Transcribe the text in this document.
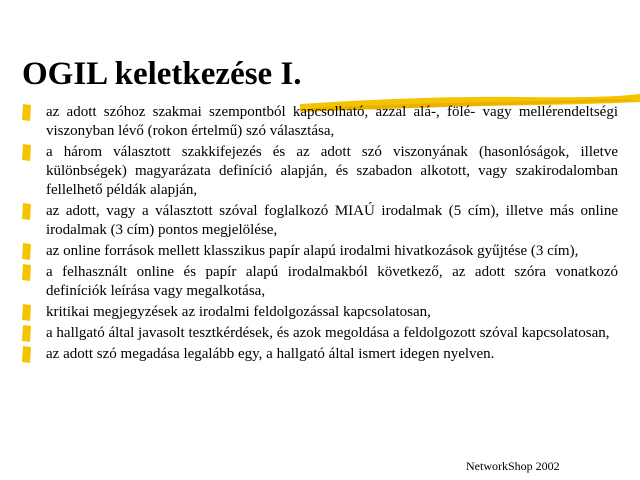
OGIL keletkezése I.
az adott szóhoz szakmai szempontból kapcsolható, azzal alá-, fölé- vagy mellérendeltségi viszonyban lévő (rokon értelmű) szó választása,
a három választott szakkifejezés és az adott szó viszonyának (hasonlóságok, illetve különbségek) magyarázata definíció alapján, és szabadon alkotott, vagy szakirodalomban fellelhető példák alapján,
az adott, vagy a választott szóval foglalkozó MIAÚ irodalmak (5 cím), illetve más online irodalmak (3 cím) pontos megjelölése,
az online források mellett klasszikus papír alapú irodalmi hivatkozások gyűjtése (3 cím),
a felhasznált online és papír alapú irodalmakból következő, az adott szóra vonatkozó definíciók leírása vagy megalkotása,
kritikai megjegyzések az irodalmi feldolgozással kapcsolatosan,
a hallgató által javasolt tesztkérdések, és azok megoldása a feldolgozott szóval kapcsolatosan,
az adott szó megadása legalább egy, a hallgató által ismert idegen nyelven.
NetworkShop 2002
